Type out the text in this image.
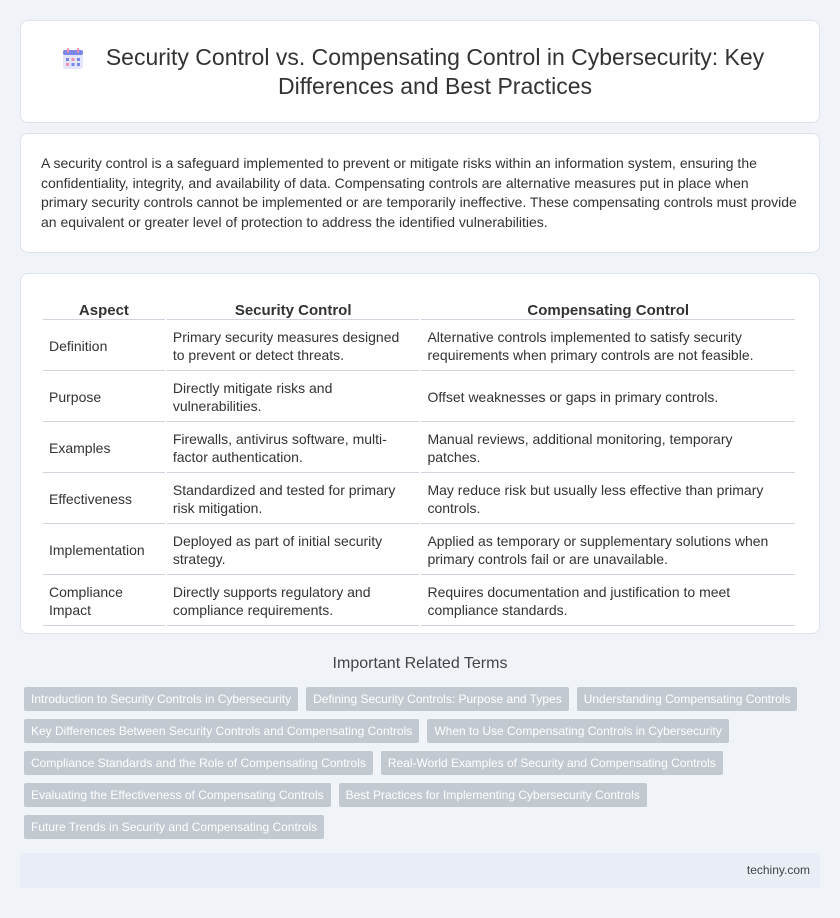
Security Control vs. Compensating Control in Cybersecurity: Key Differences and Best Practices

A security control is a safeguard implemented to prevent or mitigate risks within an information system, ensuring the confidentiality, integrity, and availability of data. Compensating controls are alternative measures put in place when primary security controls cannot be implemented or are temporarily ineffective. These compensating controls must provide an equivalent or greater level of protection to address the identified vulnerabilities.

Aspect	Security Control	Compensating Control
Definition	Primary security measures designed to prevent or detect threats.	Alternative controls implemented to satisfy security requirements when primary controls are not feasible.
Purpose	Directly mitigate risks and vulnerabilities.	Offset weaknesses or gaps in primary controls.
Examples	Firewalls, antivirus software, multi-factor authentication.	Manual reviews, additional monitoring, temporary patches.
Effectiveness	Standardized and tested for primary risk mitigation.	May reduce risk but usually less effective than primary controls.
Implementation	Deployed as part of initial security strategy.	Applied as temporary or supplementary solutions when primary controls fail or are unavailable.
Compliance Impact	Directly supports regulatory and compliance requirements.	Requires documentation and justification to meet compliance standards.
Important Related Terms
Introduction to Security Controls in Cybersecurity	Defining Security Controls: Purpose and Types	Understanding Compensating Controls
Key Differences Between Security Controls and Compensating Controls	When to Use Compensating Controls in Cybersecurity
Compliance Standards and the Role of Compensating Controls	Real-World Examples of Security and Compensating Controls
Evaluating the Effectiveness of Compensating Controls	Best Practices for Implementing Cybersecurity Controls
Future Trends in Security and Compensating Controls
techiny.com
